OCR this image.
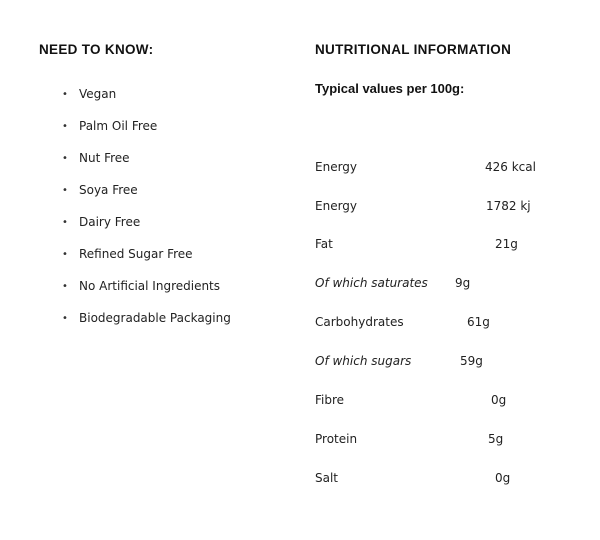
NEED TO KNOW:
• Vegan
• Palm Oil Free
• Nut Free
• Soya Free
• Dairy Free
• Refined Sugar Free
• No Artificial Ingredients
• Biodegradable Packaging
NUTRITIONAL INFORMATION

Typical values per 100g:

Energy	426 kcal
Energy	1782 kj
Fat	21g
Of which saturates 9g
Carbohydrates	61g
Of which sugars	59g
Fibre	0g
Protein	5g
Salt	0g
